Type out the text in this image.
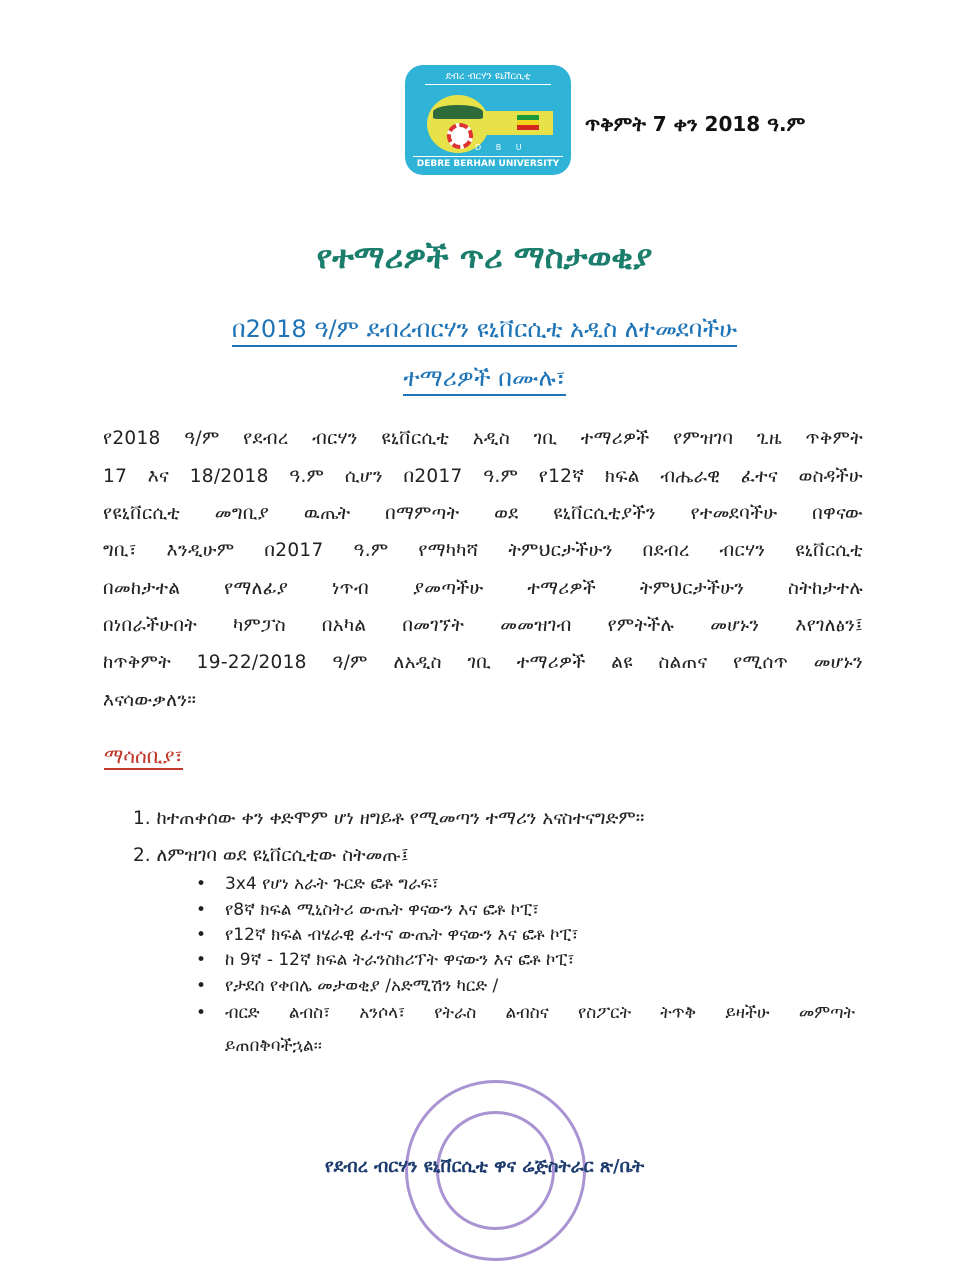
ደብረ ብርሃን ዩኒቨርሲቲ
D B U
DEBRE BERHAN UNIVERSITY
ጥቅምት 7 ቀን 2018 ዓ.ም
የተማሪዎች ጥሪ ማስታወቂያ
በ2018 ዓ/ም ደብረብርሃን ዩኒቨርሲቲ አዲስ ለተመደባችሁ
ተማሪዎች በሙሉ፣
የ2018 ዓ/ም የደብረ ብርሃን ዩኒቨርሲቲ አዲስ ገቢ ተማሪዎች የምዝገባ ጊዜ ጥቅምት
17 እና 18/2018 ዓ.ም ሲሆን በ2017 ዓ.ም የ12ኛ ክፍል ብሔራዊ ፈተና ወስዳችሁ
የዩኒቨርሲቲ መግቢያ ዉጤት በማምጣት ወደ ዩኒቨርሲቲያችን የተመደባችሁ በዋናው
ግቢ፣ እንዲሁም በ2017 ዓ.ም የማካካሻ ትምህርታችሁን በደብረ ብርሃን ዩኒቨርሲቲ
በመከታተል የማለፊያ ነጥብ ያመጣችሁ ተማሪዎች ትምህርታችሁን ስትከታተሉ
በነበራችሁበት ካምፓስ በአካል በመገኘት መመዝገብ የምትችሉ መሆኑን እየገለፅን፤
ከጥቅምት 19-22/2018 ዓ/ም ለአዲስ ገቢ ተማሪዎች ልዩ ስልጠና የሚሰጥ መሆኑን
እናሳውቃለን።
ማሳሰቢያ፣
1. ከተጠቀሰው ቀን ቀድሞም ሆነ ዘግይቶ የሚመጣን ተማሪን አናስተናግድም።
2. ለምዝገባ ወደ ዩኒቨርሲቲው ስትመጡ፤
• 3x4 የሆነ አራት ጉርድ ፎቶ ግራፍ፣
• የ8ኛ ክፍል ሚኒስትሪ ውጤት ዋናውን እና ፎቶ ኮፒ፣
• የ12ኛ ክፍል ብሄራዊ ፈተና ውጤት ዋናውን እና ፎቶ ኮፒ፣
• ከ 9ኛ - 12ኛ ክፍል ትራንስክሪፕት ዋናውን እና ፎቶ ኮፒ፣
• የታደሰ የቀበሌ መታወቂያ /አድሚሽን ካርድ /
• ብርድ ልብስ፣ አንሶላ፣ የትራስ ልብስና የስፖርት ትጥቅ ይዛችሁ መምጣት
ይጠበቅባችኋል፡፡
የደብረ ብርሃን ዩኒቨርሲቲ ዋና ሬጅስትራር ጽ/ቤት
